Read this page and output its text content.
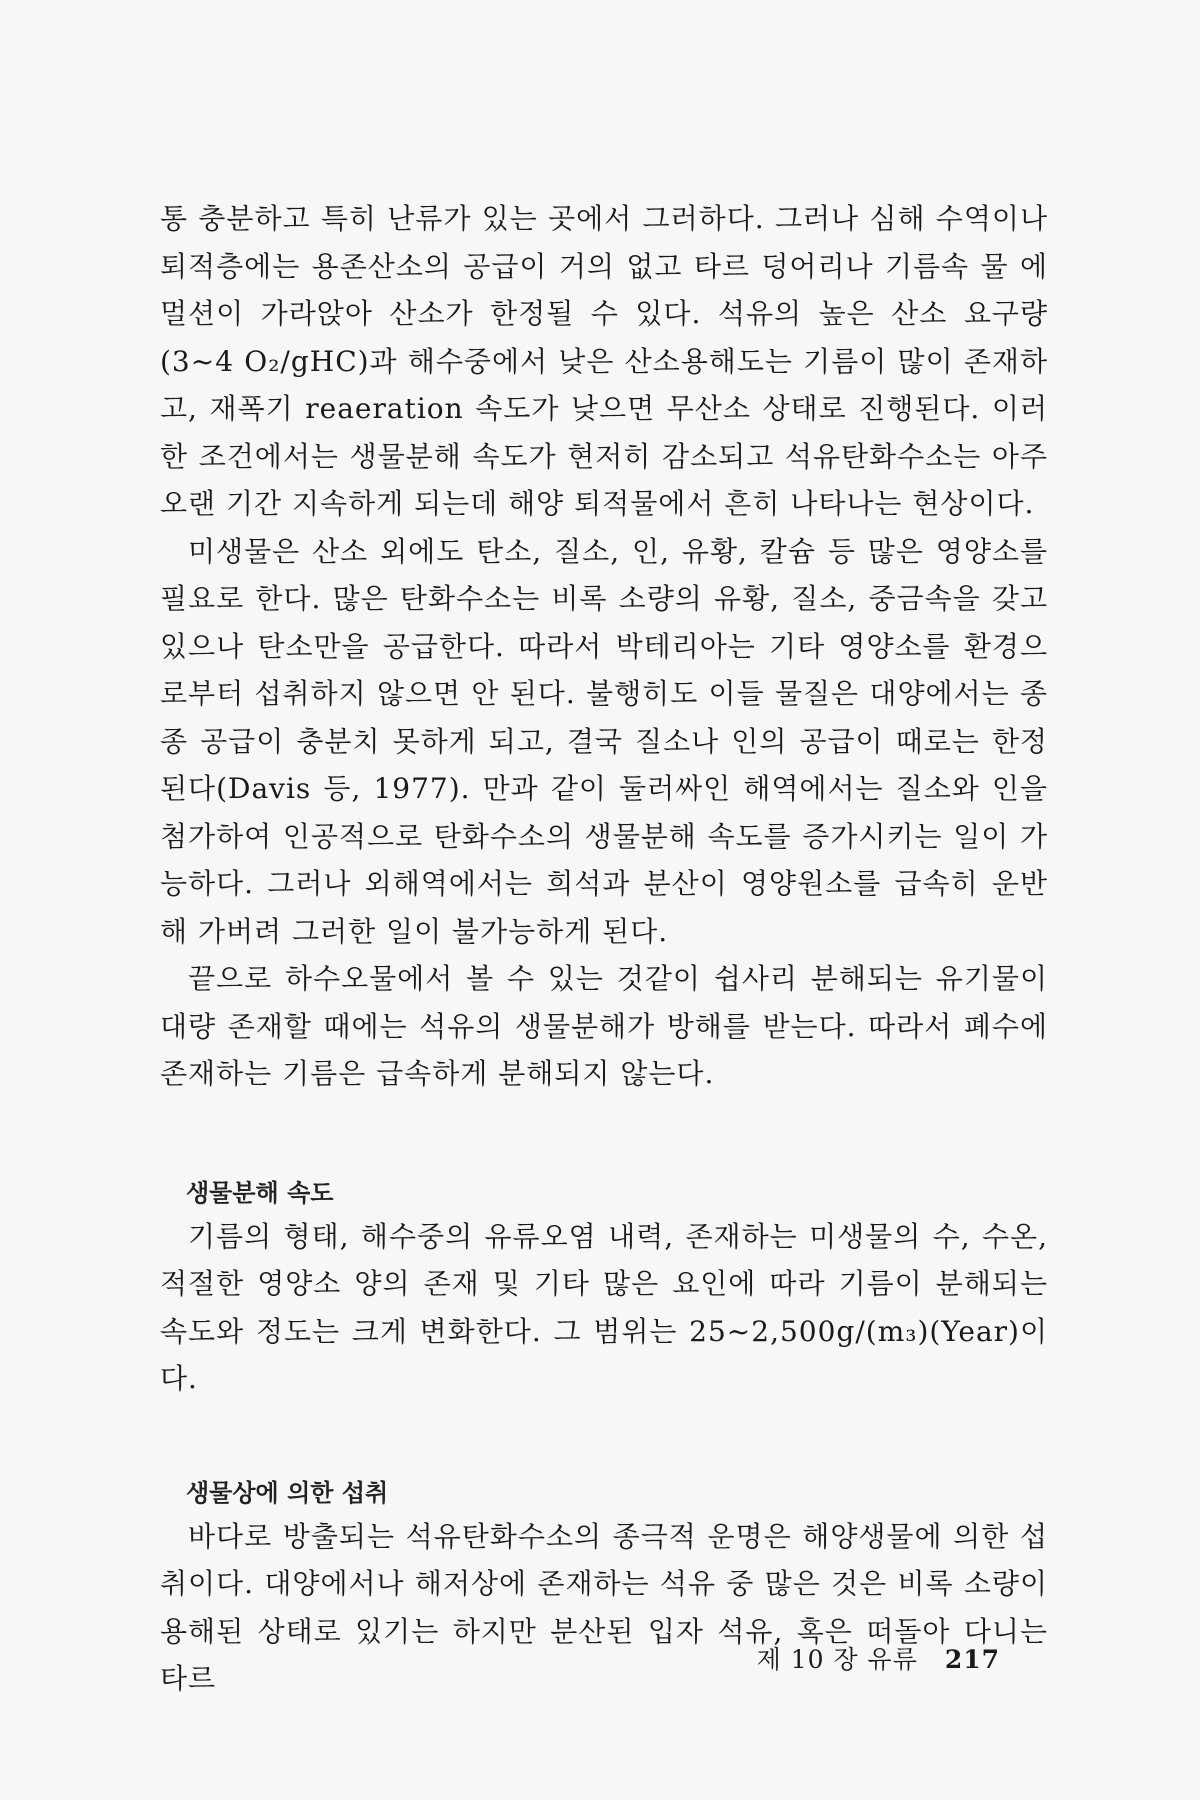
통 충분하고 특히 난류가 있는 곳에서 그러하다. 그러나 심해 수역이나 퇴적층에는 용존산소의 공급이 거의 없고 타르 덩어리나 기름속 물 에멀션이 가라앉아 산소가 한정될 수 있다. 석유의 높은 산소 요구량(3~4 O₂/gHC)과 해수중에서 낮은 산소용해도는 기름이 많이 존재하고, 재폭기 reaeration 속도가 낮으면 무산소 상태로 진행된다. 이러한 조건에서는 생물분해 속도가 현저히 감소되고 석유탄화수소는 아주 오랜 기간 지속하게 되는데 해양 퇴적물에서 흔히 나타나는 현상이다.

미생물은 산소 외에도 탄소, 질소, 인, 유황, 칼슘 등 많은 영양소를 필요로 한다. 많은 탄화수소는 비록 소량의 유황, 질소, 중금속을 갖고 있으나 탄소만을 공급한다. 따라서 박테리아는 기타 영양소를 환경으로부터 섭취하지 않으면 안 된다. 불행히도 이들 물질은 대양에서는 종종 공급이 충분치 못하게 되고, 결국 질소나 인의 공급이 때로는 한정된다(Davis 등, 1977). 만과 같이 둘러싸인 해역에서는 질소와 인을 첨가하여 인공적으로 탄화수소의 생물분해 속도를 증가시키는 일이 가능하다. 그러나 외해역에서는 희석과 분산이 영양원소를 급속히 운반해 가버려 그러한 일이 불가능하게 된다.

끝으로 하수오물에서 볼 수 있는 것같이 쉽사리 분해되는 유기물이 대량 존재할 때에는 석유의 생물분해가 방해를 받는다. 따라서 폐수에 존재하는 기름은 급속하게 분해되지 않는다.

생물분해 속도

기름의 형태, 해수중의 유류오염 내력, 존재하는 미생물의 수, 수온, 적절한 영양소 양의 존재 및 기타 많은 요인에 따라 기름이 분해되는 속도와 정도는 크게 변화한다. 그 범위는 25~2,500g/(m₃)(Year)이다.

생물상에 의한 섭취

바다로 방출되는 석유탄화수소의 종극적 운명은 해양생물에 의한 섭취이다. 대양에서나 해저상에 존재하는 석유 중 많은 것은 비록 소량이 용해된 상태로 있기는 하지만 분산된 입자 석유, 혹은 떠돌아 다니는 타르

제 10 장 유류 217
